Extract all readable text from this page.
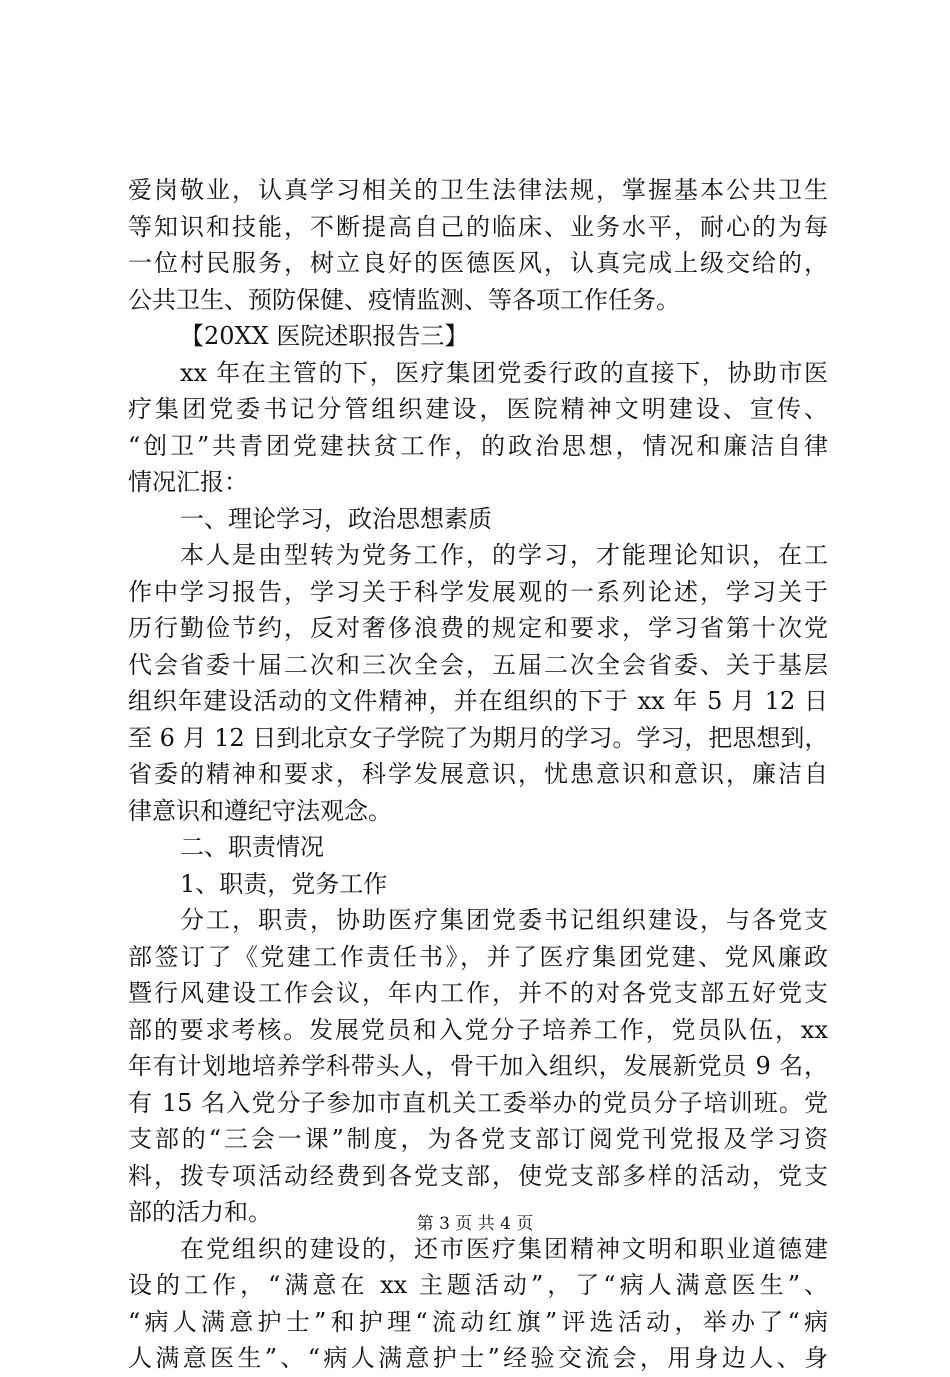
爱岗敬业，认真学习相关的卫生法律法规，掌握基本公共卫生
等知识和技能，不断提高自己的临床、业务水平，耐心的为每
一位村民服务，树立良好的医德医风，认真完成上级交给的，
公共卫生、预防保健、疫情监测、等各项工作任务。
【20XX 医院述职报告三】
xx 年在主管的下，医疗集团党委行政的直接下，协助市医
疗集团党委书记分管组织建设，医院精神文明建设、宣传、
“创卫”共青团党建扶贫工作，的政治思想，情况和廉洁自律
情况汇报：
一、理论学习，政治思想素质
本人是由型转为党务工作，的学习，才能理论知识，在工
作中学习报告，学习关于科学发展观的一系列论述，学习关于
历行勤俭节约，反对奢侈浪费的规定和要求，学习省第十次党
代会省委十届二次和三次全会，五届二次全会省委、关于基层
组织年建设活动的文件精神，并在组织的下于 xx 年 5 月 12 日
至 6 月 12 日到北京女子学院了为期月的学习。学习，把思想到，
省委的精神和要求，科学发展意识，忧患意识和意识，廉洁自
律意识和遵纪守法观念。
二、职责情况
1、职责，党务工作
分工，职责，协助医疗集团党委书记组织建设，与各党支
部签订了《党建工作责任书》，并了医疗集团党建、党风廉政
暨行风建设工作会议，年内工作，并不的对各党支部五好党支
部的要求考核。发展党员和入党分子培养工作，党员队伍，xx
年有计划地培养学科带头人，骨干加入组织，发展新党员 9 名，
有 15 名入党分子参加市直机关工委举办的党员分子培训班。党
支部的“三会一课”制度，为各党支部订阅党刊党报及学习资
料，拨专项活动经费到各党支部，使党支部多样的活动，党支
部的活力和。
在党组织的建设的，还市医疗集团精神文明和职业道德建
设的工作，“满意在 xx 主题活动”，了“病人满意医生”、
“病人满意护士”和护理“流动红旗”评选活动，举办了“病
人满意医生”、“病人满意护士”经验交流会，用身边人、身
第 3 页 共 4 页
